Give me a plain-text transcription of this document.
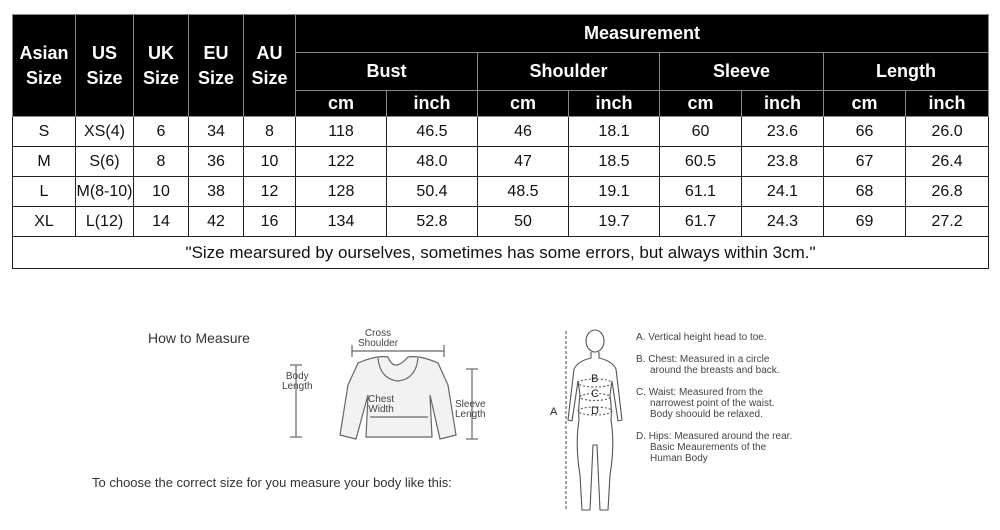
Asian
Size	US
Size	UK
Size	EU
Size	AU
Size	Measurement							
					Bust		Shoulder		Sleeve		Length	
					cm	inch	cm	inch	cm	inch	cm	inch
S	XS(4)	6	34	8	118	46.5	46	18.1	60	23.6	66	26.0
M	S(6)	8	36	10	122	48.0	47	18.5	60.5	23.8	67	26.4
L	M(8-10)	10	38	12	128	50.4	48.5	19.1	61.1	24.1	68	26.8
XL	L(12)	14	42	16	134	52.8	50	19.7	61.7	24.3	69	27.2
"Size mearsured by ourselves, sometimes has some errors, but always within 3cm."												
How to Measure	Cross
Shoulder
Body
Length
Chest
Width	Sleeve
Length
To choose the correct size for you measure your body like this:
A
B
C
D
A. Vertical height head to toe.
B. Chest: Measured in a circle around the breasts and back.
C. Waist: Measured from the narrowest point of the waist. Body shoould be relaxed.
D. Hips: Measured around the rear. Basic Meaurements of the Human Body
